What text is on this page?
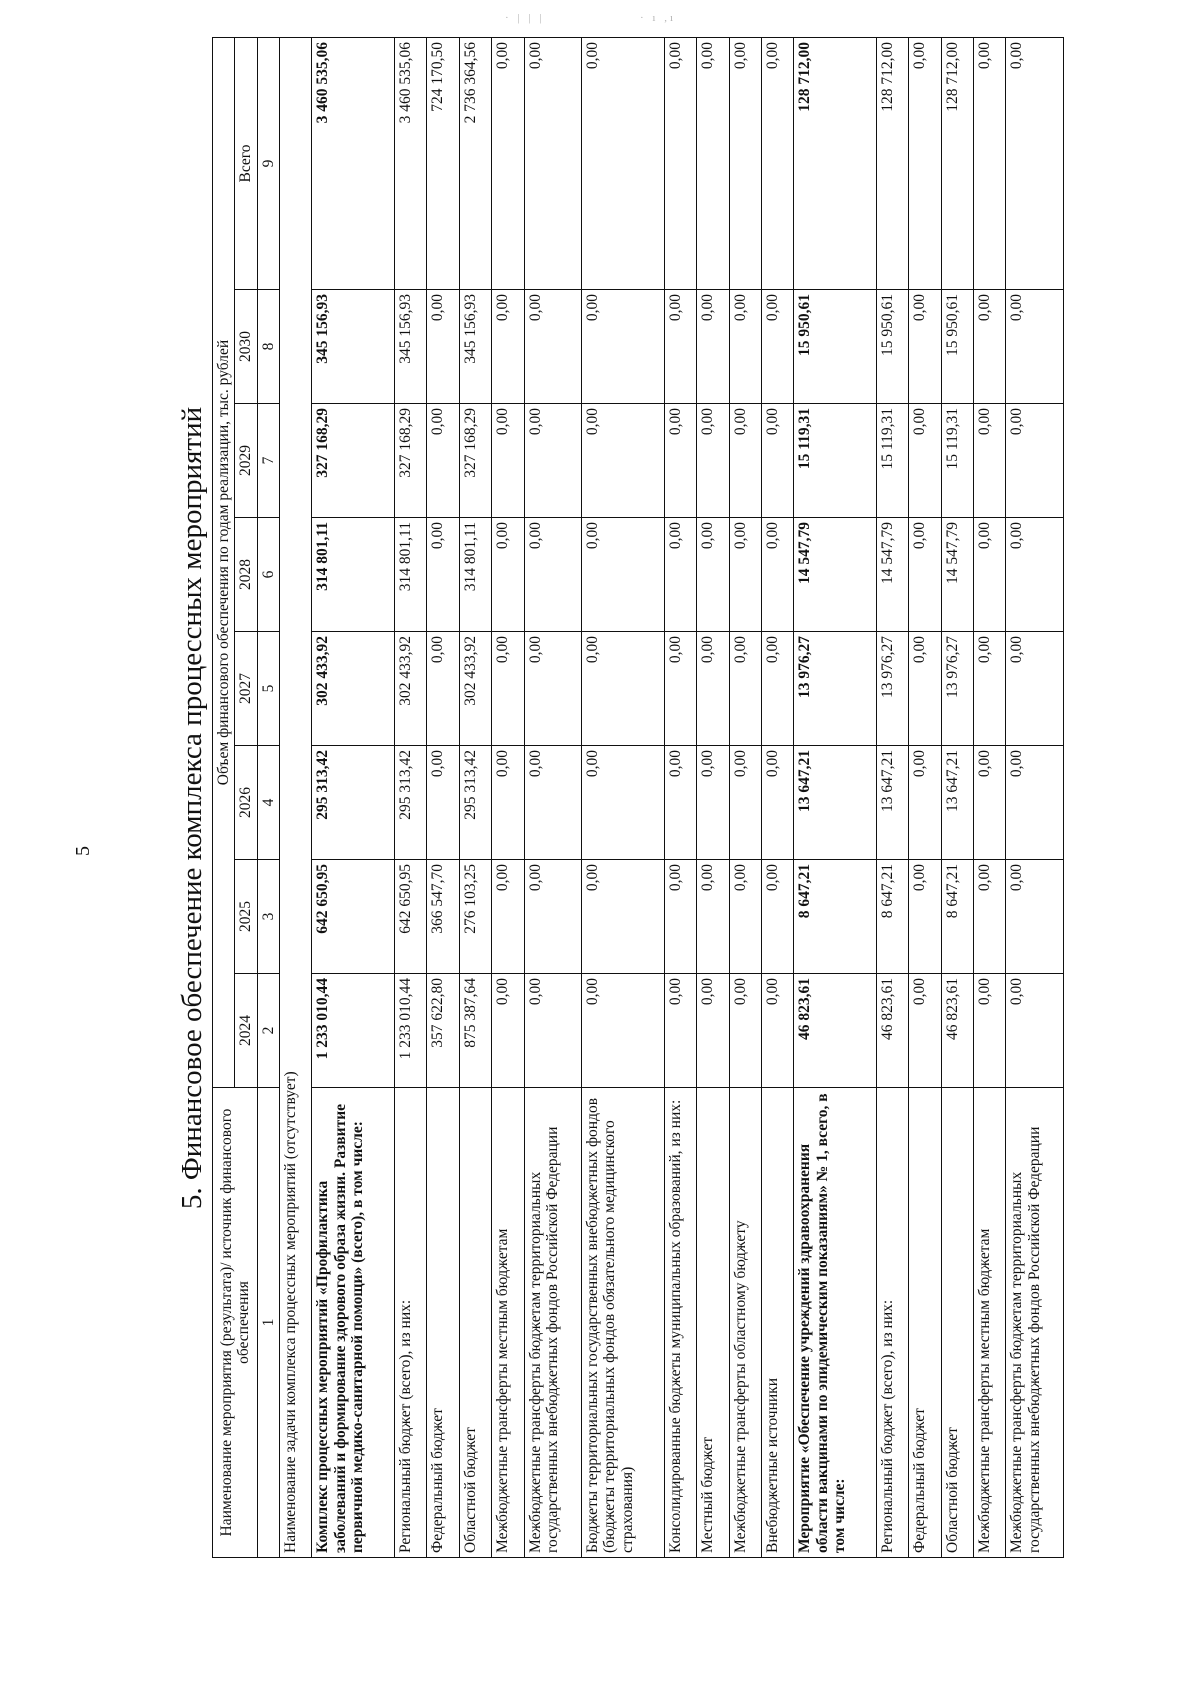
5
· | | |	· ı ,ı
5. Финансовое обеспечение комплекса процессных мероприятий
Наименование мероприятия (результата)/ источник финансового обеспечения	Объем финансового обеспечения по годам реализации, тыс. рублей							
	2024	2025	2026	2027	2028	2029	2030	Всего
1	2	3	4	5	6	7	8	9
Наименование задачи комплекса процессных мероприятий (отсутствует)								
Комплекс процессных мероприятий «Профилактика заболеваний и формирование здорового образа жизни. Развитие первичной медико-санитарной помощи» (всего), в том числе:	1 233 010,44	642 650,95	295 313,42	302 433,92	314 801,11	327 168,29	345 156,93	3 460 535,06
Региональный бюджет (всего), из них:	1 233 010,44	642 650,95	295 313,42	302 433,92	314 801,11	327 168,29	345 156,93	3 460 535,06
Федеральный бюджет	357 622,80	366 547,70	0,00	0,00	0,00	0,00	0,00	724 170,50
Областной бюджет	875 387,64	276 103,25	295 313,42	302 433,92	314 801,11	327 168,29	345 156,93	2 736 364,56
Межбюджетные трансферты местным бюджетам	0,00	0,00	0,00	0,00	0,00	0,00	0,00	0,00
Межбюджетные трансферты бюджетам территориальных государственных внебюджетных фондов Российской Федерации	0,00	0,00	0,00	0,00	0,00	0,00	0,00	0,00
Бюджеты территориальных государственных внебюджетных фондов (бюджеты территориальных фондов обязательного медицинского страхования)	0,00	0,00	0,00	0,00	0,00	0,00	0,00	0,00
Консолидированные бюджеты муниципальных образований, из них:	0,00	0,00	0,00	0,00	0,00	0,00	0,00	0,00
Местный бюджет	0,00	0,00	0,00	0,00	0,00	0,00	0,00	0,00
Межбюджетные трансферты областному бюджету	0,00	0,00	0,00	0,00	0,00	0,00	0,00	0,00
Внебюджетные источники	0,00	0,00	0,00	0,00	0,00	0,00	0,00	0,00
Мероприятие «Обеспечение учреждений здравоохранения области вакцинами по эпидемическим показаниям» № 1, всего, в том числе:	46 823,61	8 647,21	13 647,21	13 976,27	14 547,79	15 119,31	15 950,61	128 712,00
Региональный бюджет (всего), из них:	46 823,61	8 647,21	13 647,21	13 976,27	14 547,79	15 119,31	15 950,61	128 712,00
Федеральный бюджет	0,00	0,00	0,00	0,00	0,00	0,00	0,00	0,00
Областной бюджет	46 823,61	8 647,21	13 647,21	13 976,27	14 547,79	15 119,31	15 950,61	128 712,00
Межбюджетные трансферты местным бюджетам	0,00	0,00	0,00	0,00	0,00	0,00	0,00	0,00
Межбюджетные трансферты бюджетам территориальных государственных внебюджетных фондов Российской Федерации	0,00	0,00	0,00	0,00	0,00	0,00	0,00	0,00
